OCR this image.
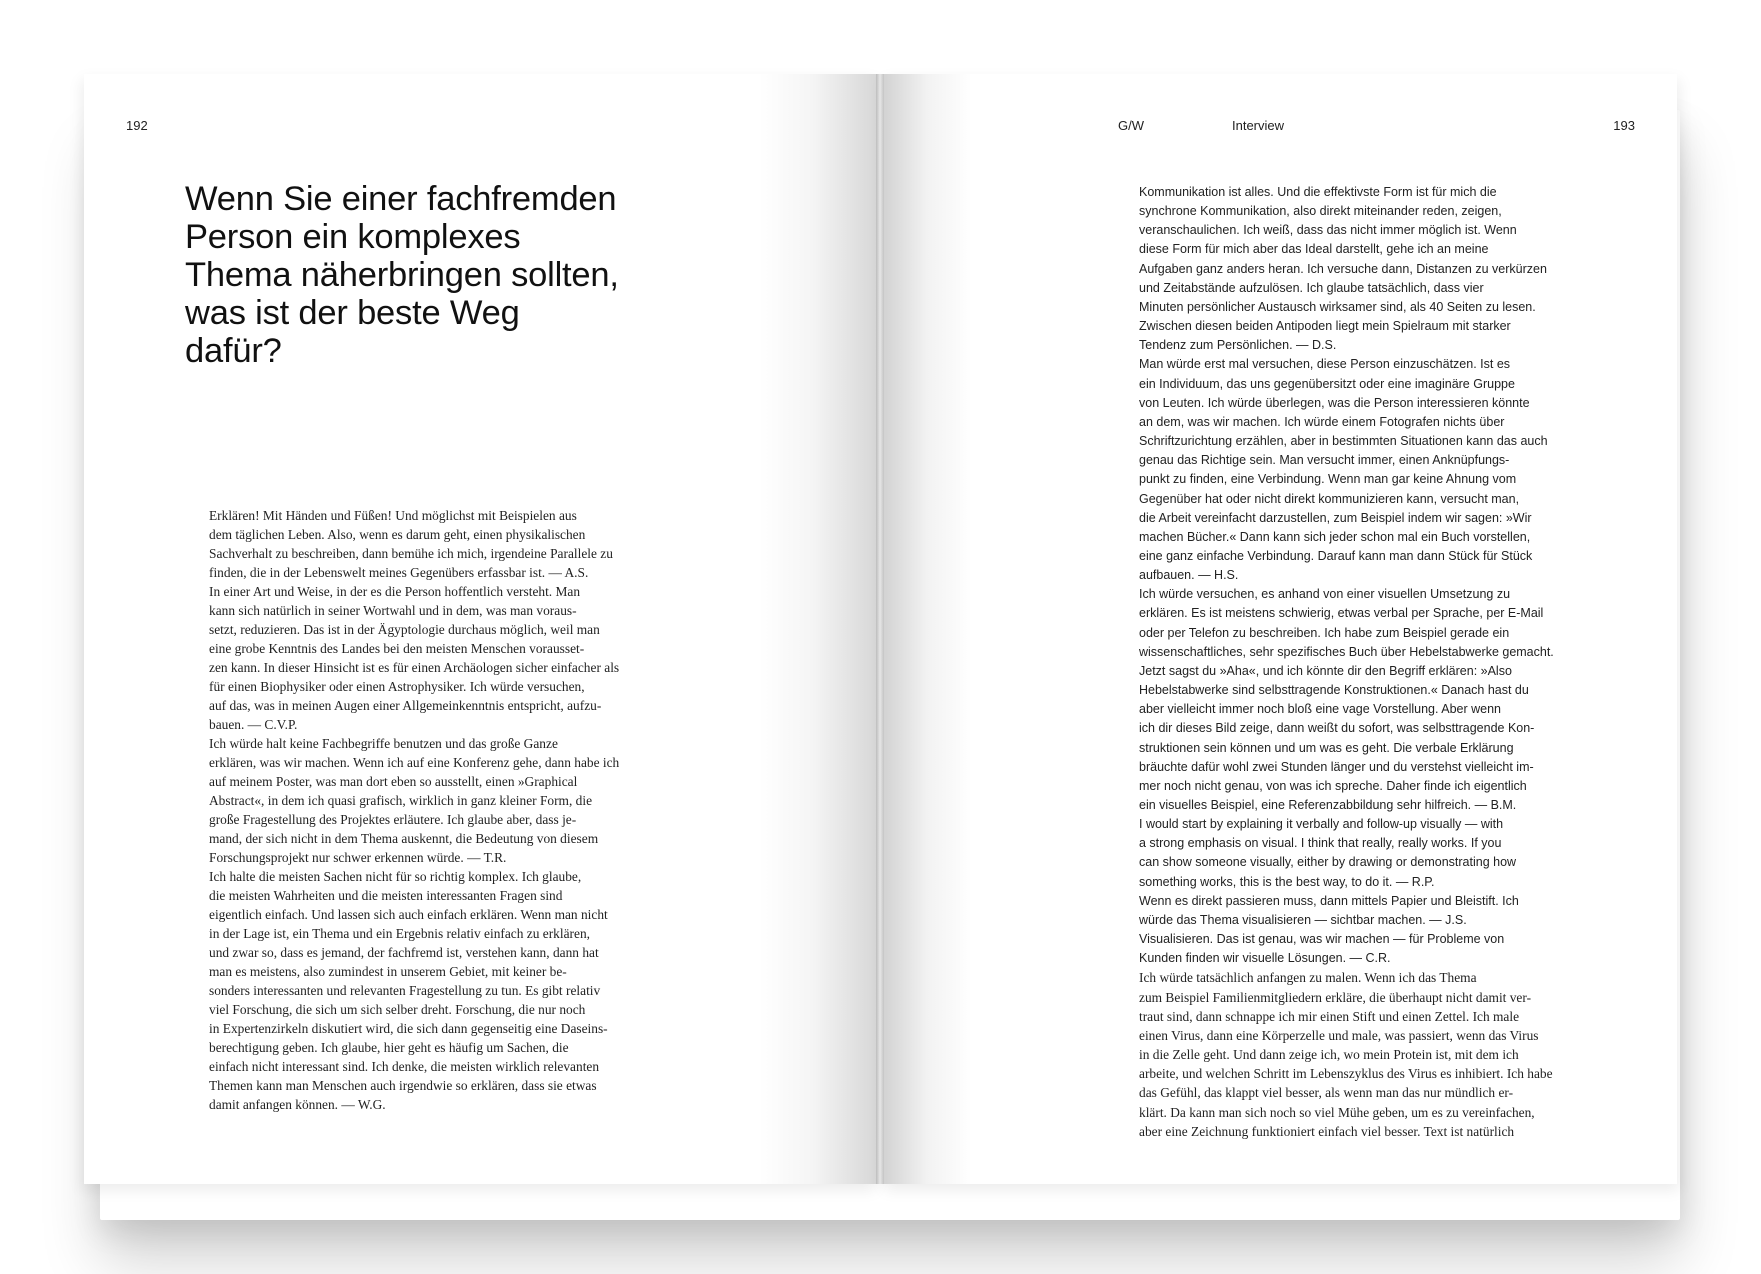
192
Wenn Sie einer fachfremden
Person ein komplexes
Thema näherbringen sollten,
was ist der beste Weg
dafür?

Erklären! Mit Händen und Füßen! Und möglichst mit Beispielen aus
dem täglichen Leben. Also, wenn es darum geht, einen physikalischen
Sachverhalt zu beschreiben, dann bemühe ich mich, irgendeine Parallele zu
finden, die in der Lebenswelt meines Gegenübers erfassbar ist. — A.S.

In einer Art und Weise, in der es die Person hoffentlich versteht. Man
kann sich natürlich in seiner Wortwahl und in dem, was man voraus-
setzt, reduzieren. Das ist in der Ägyptologie durchaus möglich, weil man
eine grobe Kenntnis des Landes bei den meisten Menschen vorausset-
zen kann. In dieser Hinsicht ist es für einen Archäologen sicher einfacher als
für einen Biophysiker oder einen Astrophysiker. Ich würde versuchen,
auf das, was in meinen Augen einer Allgemeinkenntnis entspricht, aufzu-
bauen. — C.V.P.

Ich würde halt keine Fachbegriffe benutzen und das große Ganze
erklären, was wir machen. Wenn ich auf eine Konferenz gehe, dann habe ich
auf meinem Poster, was man dort eben so ausstellt, einen »Graphical
Abstract«, in dem ich quasi grafisch, wirklich in ganz kleiner Form, die
große Fragestellung des Projektes erläutere. Ich glaube aber, dass je-
mand, der sich nicht in dem Thema auskennt, die Bedeutung von diesem
Forschungsprojekt nur schwer erkennen würde. — T.R.

Ich halte die meisten Sachen nicht für so richtig komplex. Ich glaube,
die meisten Wahrheiten und die meisten interessanten Fragen sind
eigentlich einfach. Und lassen sich auch einfach erklären. Wenn man nicht
in der Lage ist, ein Thema und ein Ergebnis relativ einfach zu erklären,
und zwar so, dass es jemand, der fachfremd ist, verstehen kann, dann hat
man es meistens, also zumindest in unserem Gebiet, mit keiner be-
sonders interessanten und relevanten Fragestellung zu tun. Es gibt relativ
viel Forschung, die sich um sich selber dreht. Forschung, die nur noch
in Expertenzirkeln diskutiert wird, die sich dann gegenseitig eine Daseins-
berechtigung geben. Ich glaube, hier geht es häufig um Sachen, die
einfach nicht interessant sind. Ich denke, die meisten wirklich relevanten
Themen kann man Menschen auch irgendwie so erklären, dass sie etwas
damit anfangen können. — W.G.

G/W	Interview	193

Kommunikation ist alles. Und die effektivste Form ist für mich die
synchrone Kommunikation, also direkt miteinander reden, zeigen,
veranschaulichen. Ich weiß, dass das nicht immer möglich ist. Wenn
diese Form für mich aber das Ideal darstellt, gehe ich an meine
Aufgaben ganz anders heran. Ich versuche dann, Distanzen zu verkürzen
und Zeitabstände aufzulösen. Ich glaube tatsächlich, dass vier
Minuten persönlicher Austausch wirksamer sind, als 40 Seiten zu lesen.
Zwischen diesen beiden Antipoden liegt mein Spielraum mit starker
Tendenz zum Persönlichen. — D.S.

Man würde erst mal versuchen, diese Person einzuschätzen. Ist es
ein Individuum, das uns gegenübersitzt oder eine imaginäre Gruppe
von Leuten. Ich würde überlegen, was die Person interessieren könnte
an dem, was wir machen. Ich würde einem Fotografen nichts über
Schriftzurichtung erzählen, aber in bestimmten Situationen kann das auch
genau das Richtige sein. Man versucht immer, einen Anknüpfungs-
punkt zu finden, eine Verbindung. Wenn man gar keine Ahnung vom
Gegenüber hat oder nicht direkt kommunizieren kann, versucht man,
die Arbeit vereinfacht darzustellen, zum Beispiel indem wir sagen: »Wir
machen Bücher.« Dann kann sich jeder schon mal ein Buch vorstellen,
eine ganz einfache Verbindung. Darauf kann man dann Stück für Stück
aufbauen. — H.S.

Ich würde versuchen, es anhand von einer visuellen Umsetzung zu
erklären. Es ist meistens schwierig, etwas verbal per Sprache, per E-Mail
oder per Telefon zu beschreiben. Ich habe zum Beispiel gerade ein
wissenschaftliches, sehr spezifisches Buch über Hebelstabwerke gemacht.
Jetzt sagst du »Aha«, und ich könnte dir den Begriff erklären: »Also
Hebelstabwerke sind selbsttragende Konstruktionen.« Danach hast du
aber vielleicht immer noch bloß eine vage Vorstellung. Aber wenn
ich dir dieses Bild zeige, dann weißt du sofort, was selbsttragende Kon-
struktionen sein können und um was es geht. Die verbale Erklärung
bräuchte dafür wohl zwei Stunden länger und du verstehst vielleicht im-
mer noch nicht genau, von was ich spreche. Daher finde ich eigentlich
ein visuelles Beispiel, eine Referenzabbildung sehr hilfreich. — B.M.

I would start by explaining it verbally and follow-up visually — with
a strong emphasis on visual. I think that really, really works. If you
can show someone visually, either by drawing or demonstrating how
something works, this is the best way, to do it. — R.P.

Wenn es direkt passieren muss, dann mittels Papier und Bleistift. Ich
würde das Thema visualisieren — sichtbar machen. — J.S.

Visualisieren. Das ist genau, was wir machen — für Probleme von
Kunden finden wir visuelle Lösungen. — C.R.

Ich würde tatsächlich anfangen zu malen. Wenn ich das Thema
zum Beispiel Familienmitgliedern erkläre, die überhaupt nicht damit ver-
traut sind, dann schnappe ich mir einen Stift und einen Zettel. Ich male
einen Virus, dann eine Körperzelle und male, was passiert, wenn das Virus
in die Zelle geht. Und dann zeige ich, wo mein Protein ist, mit dem ich
arbeite, und welchen Schritt im Lebenszyklus des Virus es inhibiert. Ich habe
das Gefühl, das klappt viel besser, als wenn man das nur mündlich er-
klärt. Da kann man sich noch so viel Mühe geben, um es zu vereinfachen,
aber eine Zeichnung funktioniert einfach viel besser. Text ist natürlich
